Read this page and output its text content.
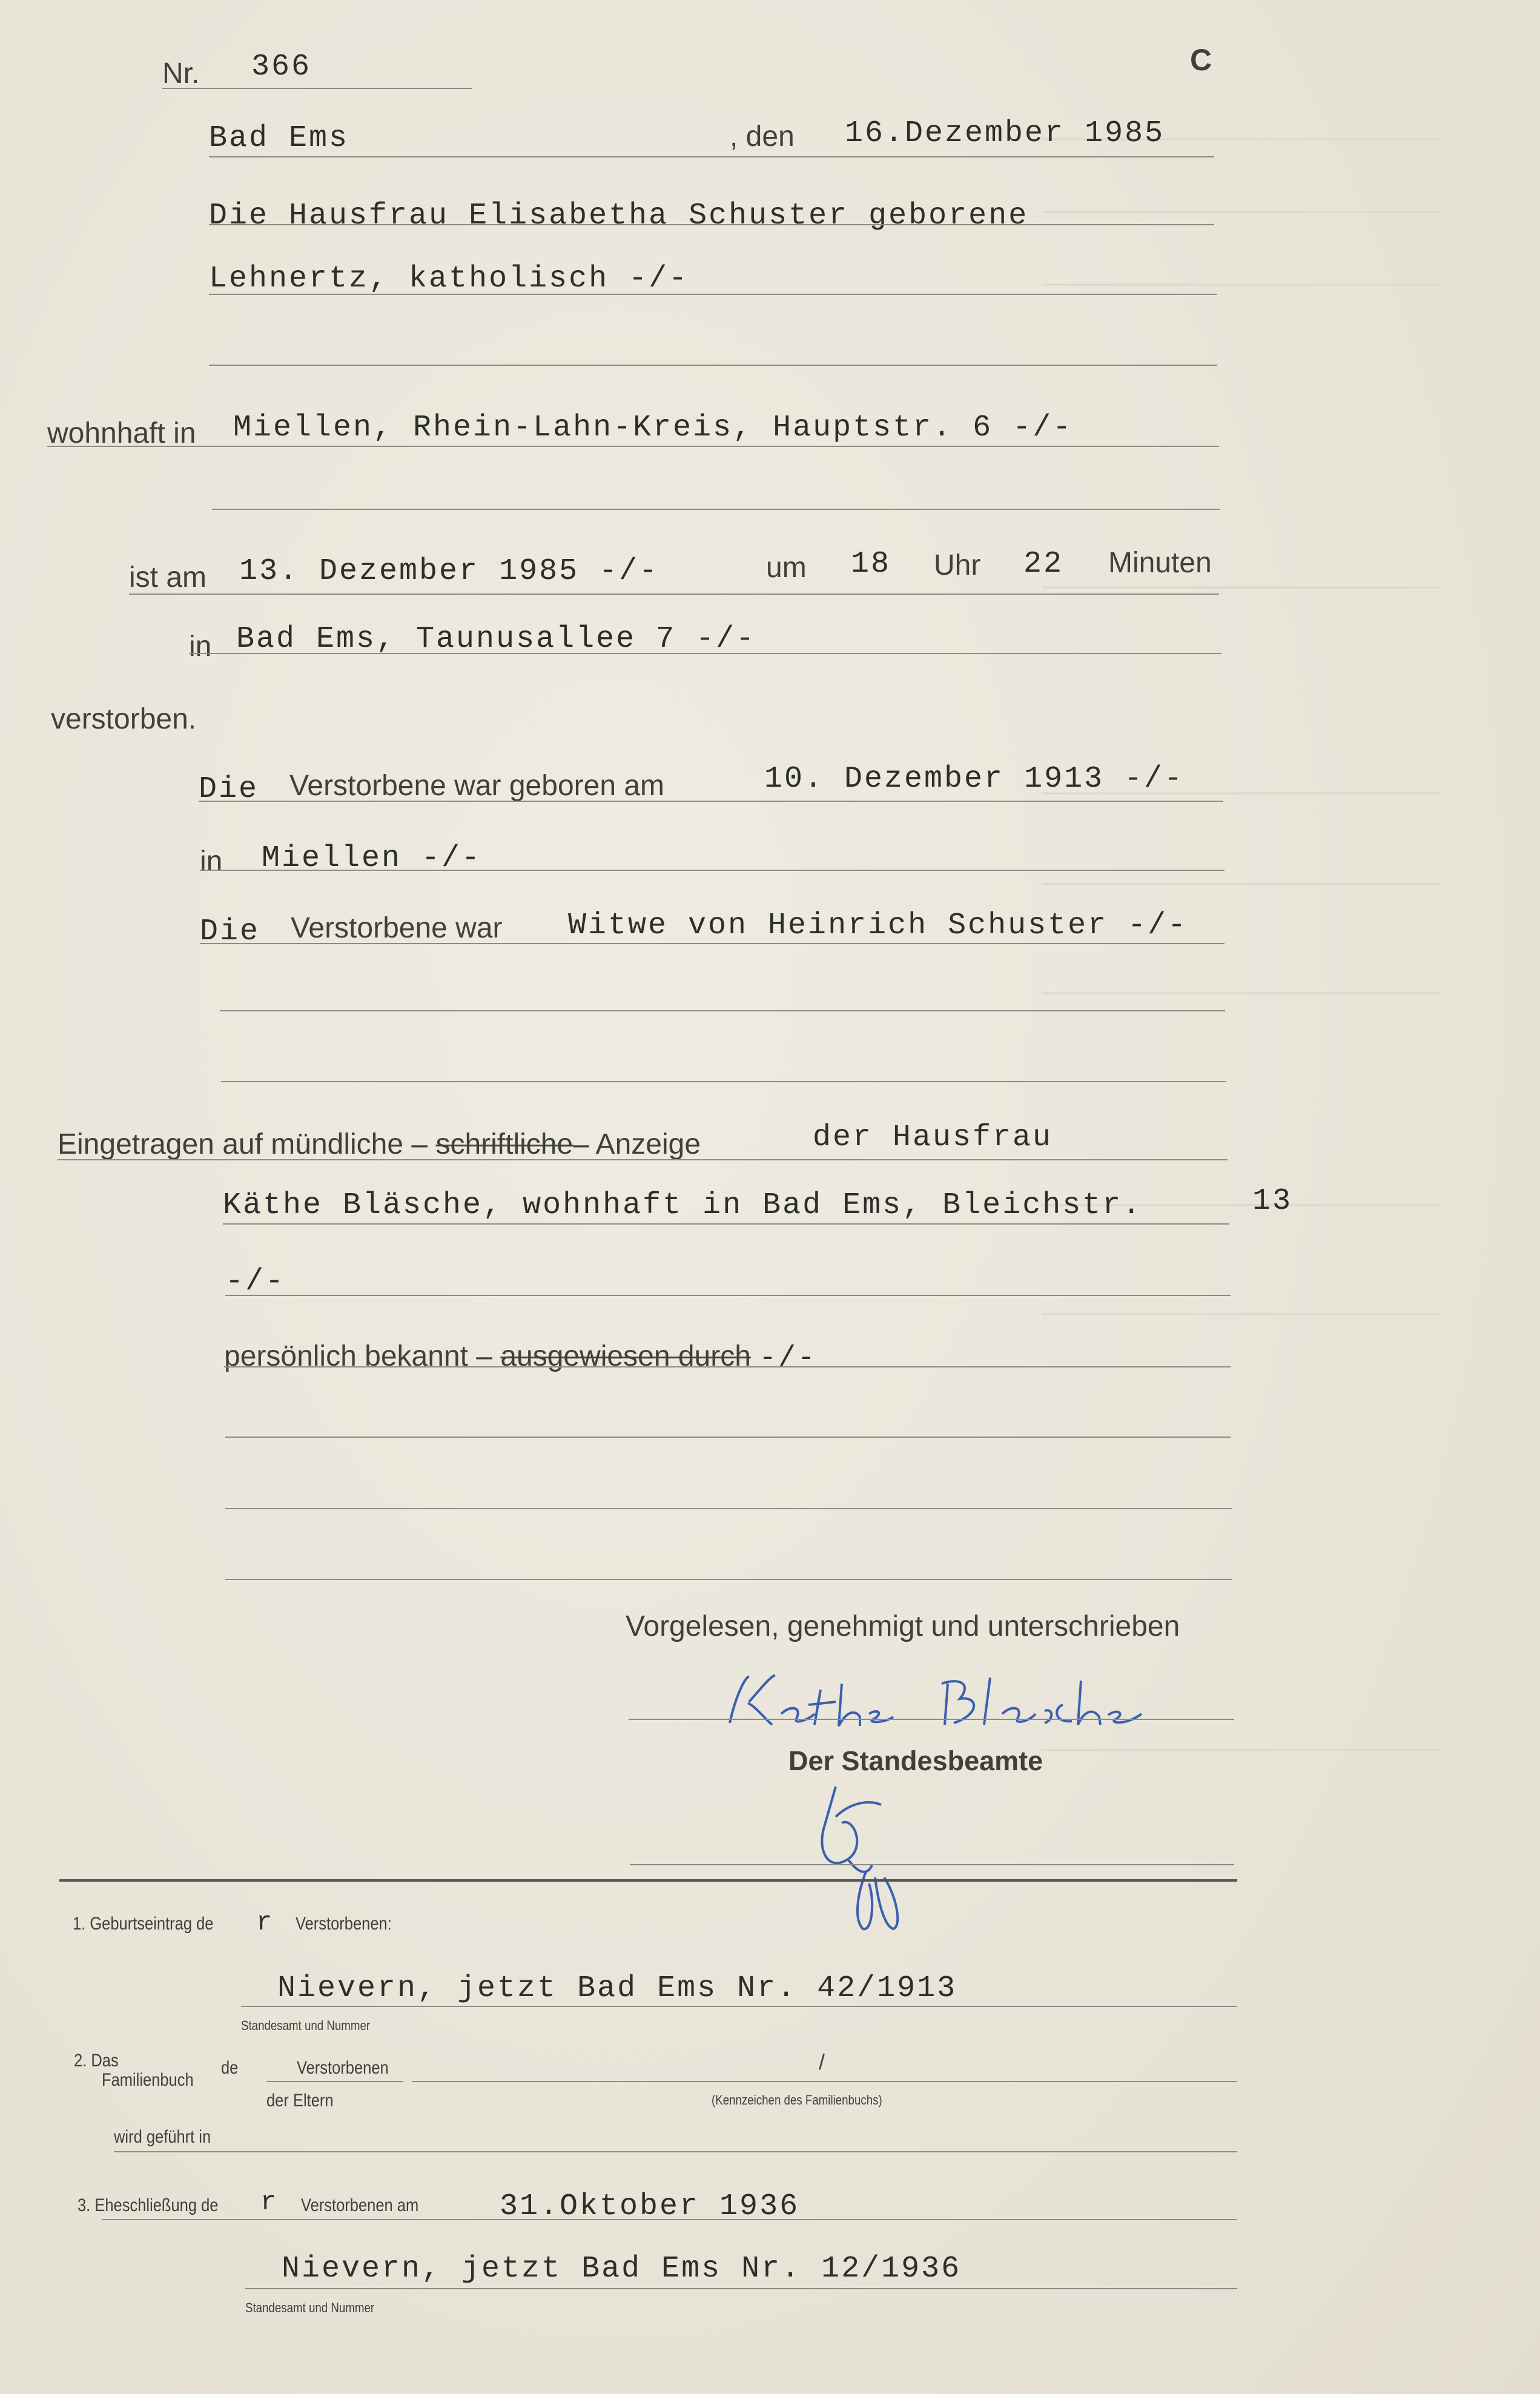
C
Nr. 366
Bad Ems	, den 16.Dezember 1985
Die Hausfrau Elisabetha Schuster geborene
Lehnertz, katholisch -/-
wohnhaft in Miellen, Rhein-Lahn-Kreis, Hauptstr. 6 -/-
ist am 13. Dezember 1985 -/-	um 18 Uhr 22 Minuten
in Bad Ems, Taunusallee 7 -/-
verstorben.
Die Verstorbene war geboren am	10. Dezember 1913 -/-
in Miellen -/-
Die Verstorbene war Witwe von Heinrich Schuster -/-
Eingetragen auf mündliche – schriftliche– Anzeige	der Hausfrau
Käthe Bläsche, wohnhaft in Bad Ems, Bleichstr.	13
-/-
persönlich bekannt – ausgewiesen durch -/-
Vorgelesen, genehmigt und unterschrieben
Der Standesbeamte
1. Geburtseintrag de r Verstorbenen:
Nievern, jetzt Bad Ems Nr. 42/1913
Standesamt und Nummer
2. Das
Familienbuch
de	Verstorbenen
der Eltern
/
(Kennzeichen des Familienbuchs)
wird geführt in
3. Eheschließung de r Verstorbenen am	31.Oktober 1936
Nievern, jetzt Bad Ems Nr. 12/1936
Standesamt und Nummer
